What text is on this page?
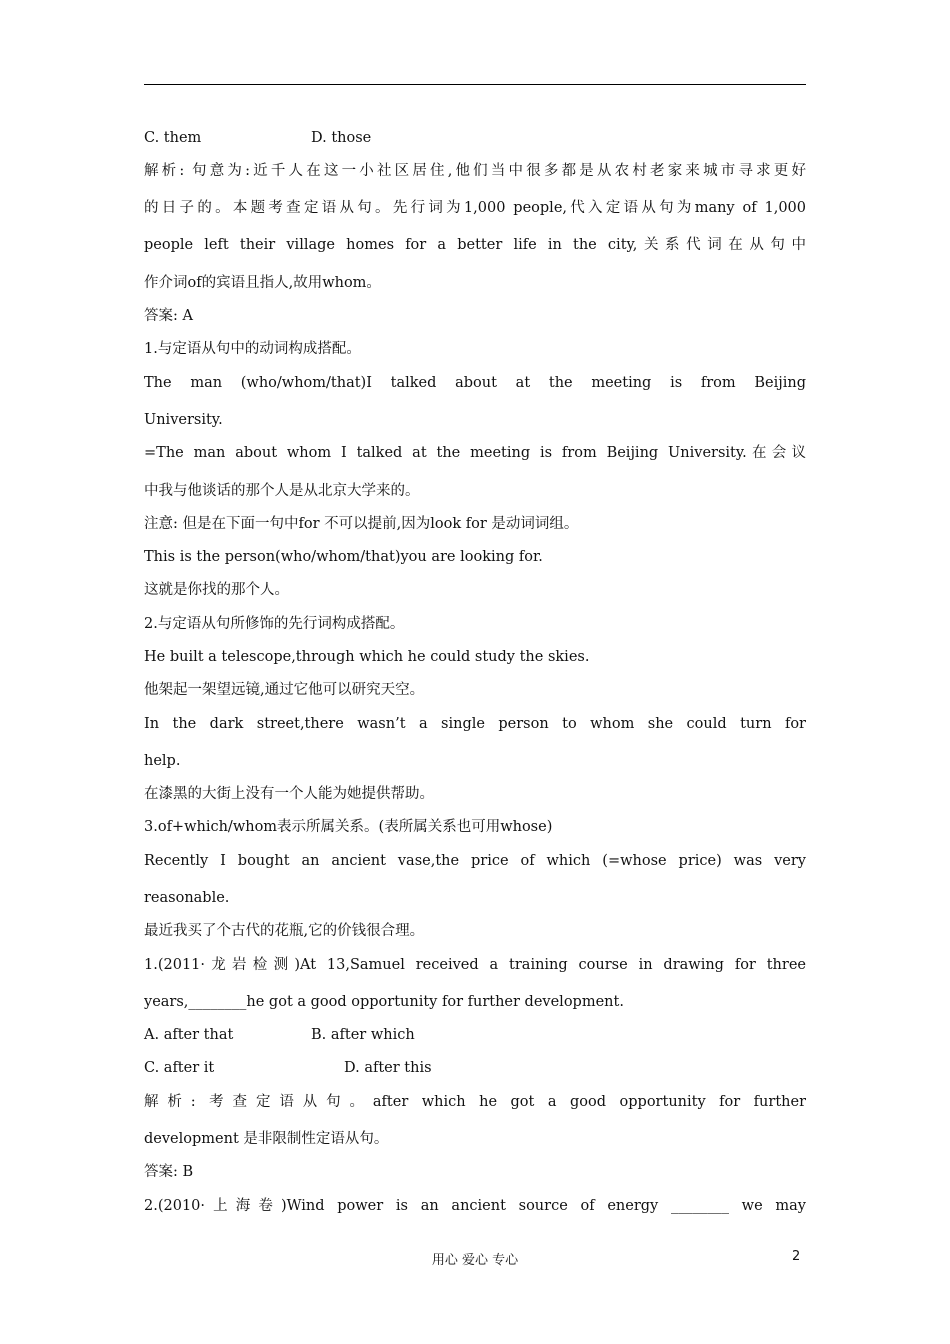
C. them	D. those
解析: 句意为:近千人在这一小社区居住,他们当中很多都是从农村老家来城市寻求更好
的日子的。本题考查定语从句。先行词为1,000 people,代入定语从句为many of 1,000
people left their village homes for a better life in the city,关系代词在从句中
作介词of的宾语且指人,故用whom。
答案: A
1.与定语从句中的动词构成搭配。
The man (who/whom/that)I talked about at the meeting is from Beijing
University.
=The man about whom I talked at the meeting is from Beijing University.在会议
中我与他谈话的那个人是从北京大学来的。
注意: 但是在下面一句中for 不可以提前,因为look for 是动词词组。
This is the person(who/whom/that)you are looking for.
这就是你找的那个人。
2.与定语从句所修饰的先行词构成搭配。
He built a telescope,through which he could study the skies.
他架起一架望远镜,通过它他可以研究天空。
In the dark street,there wasn’t a single person to whom she could turn for
help.
在漆黑的大街上没有一个人能为她提供帮助。
3.of+which/whom表示所属关系。(表所属关系也可用whose)
Recently I bought an ancient vase,the price of which (=whose price) was very
reasonable.
最近我买了个古代的花瓶,它的价钱很合理。
1.(2011·龙岩检测)At 13,Samuel received a training course in drawing for three
years,________he got a good opportunity for further development.
A. after that	B. after which
C. after it	D. after this
解析: 考查定语从句。after which he got a good opportunity for further
development 是非限制性定语从句。
答案: B
2.(2010·上海卷)Wind power is an ancient source of energy ________ we may
用心 爱心 专心	2
